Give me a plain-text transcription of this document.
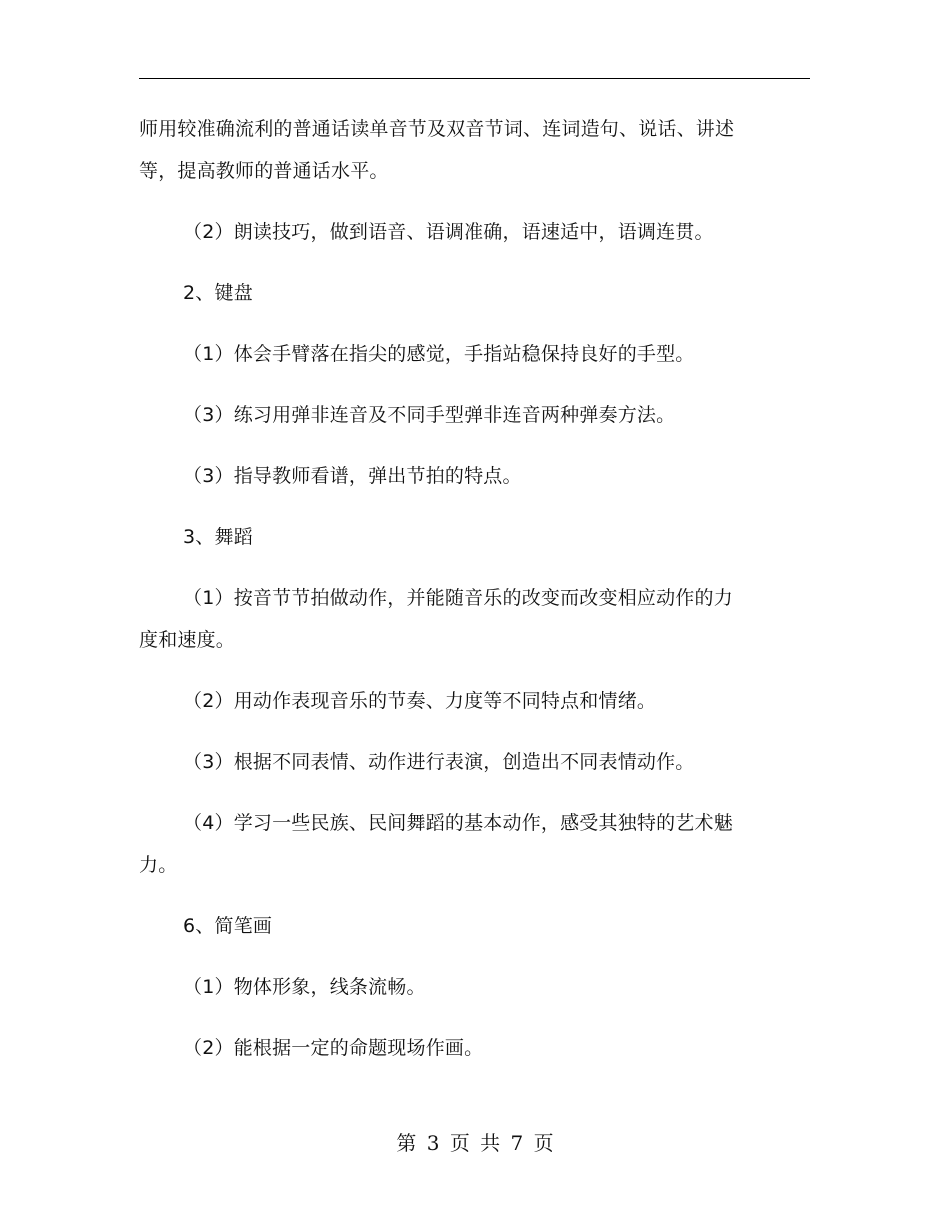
师用较准确流利的普通话读单音节及双音节词、连词造句、说话、讲述
等，提高教师的普通话水平。
（2）朗读技巧，做到语音、语调准确，语速适中，语调连贯。
2、键盘
（1）体会手臂落在指尖的感觉，手指站稳保持良好的手型。
（3）练习用弹非连音及不同手型弹非连音两种弹奏方法。
（3）指导教师看谱，弹出节拍的特点。
3、舞蹈
（1）按音节节拍做动作，并能随音乐的改变而改变相应动作的力
度和速度。
（2）用动作表现音乐的节奏、力度等不同特点和情绪。
（3）根据不同表情、动作进行表演，创造出不同表情动作。
（4）学习一些民族、民间舞蹈的基本动作，感受其独特的艺术魅
力。
6、简笔画
（1）物体形象，线条流畅。
（2）能根据一定的命题现场作画。
第 3 页 共 7 页
